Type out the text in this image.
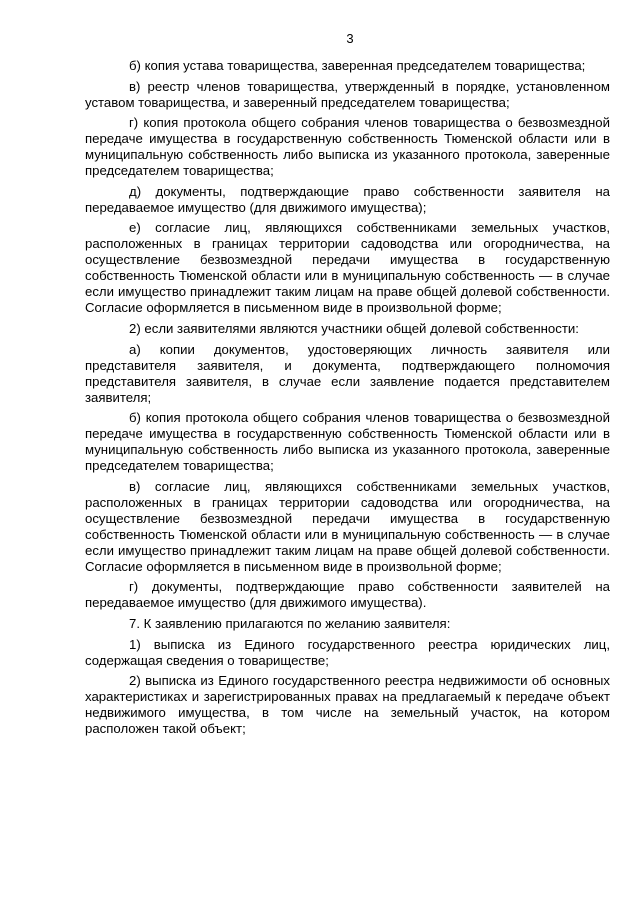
3

б) копия устава товарищества, заверенная председателем товарищества;

в) реестр членов товарищества, утвержденный в порядке, установленном уставом товарищества, и заверенный председателем товарищества;

г) копия протокола общего собрания членов товарищества о безвозмездной передаче имущества в государственную собственность Тюменской области или в муниципальную собственность либо выписка из указанного протокола, заверенные председателем товарищества;

д) документы, подтверждающие право собственности заявителя на передаваемое имущество (для движимого имущества);

е) согласие лиц, являющихся собственниками земельных участков, расположенных в границах территории садоводства или огородничества, на осуществление безвозмездной передачи имущества в государственную собственность Тюменской области или в муниципальную собственность — в случае если имущество принадлежит таким лицам на праве общей долевой собственности. Согласие оформляется в письменном виде в произвольной форме;

2) если заявителями являются участники общей долевой собственности:

а) копии документов, удостоверяющих личность заявителя или представителя заявителя, и документа, подтверждающего полномочия представителя заявителя, в случае если заявление подается представителем заявителя;

б) копия протокола общего собрания членов товарищества о безвозмездной передаче имущества в государственную собственность Тюменской области или в муниципальную собственность либо выписка из указанного протокола, заверенные председателем товарищества;

в) согласие лиц, являющихся собственниками земельных участков, расположенных в границах территории садоводства или огородничества, на осуществление безвозмездной передачи имущества в государственную собственность Тюменской области или в муниципальную собственность — в случае если имущество принадлежит таким лицам на праве общей долевой собственности. Согласие оформляется в письменном виде в произвольной форме;

г) документы, подтверждающие право собственности заявителей на передаваемое имущество (для движимого имущества).

7. К заявлению прилагаются по желанию заявителя:

1) выписка из Единого государственного реестра юридических лиц, содержащая сведения о товариществе;

2) выписка из Единого государственного реестра недвижимости об основных характеристиках и зарегистрированных правах на предлагаемый к передаче объект недвижимого имущества, в том числе на земельный участок, на котором расположен такой объект;
